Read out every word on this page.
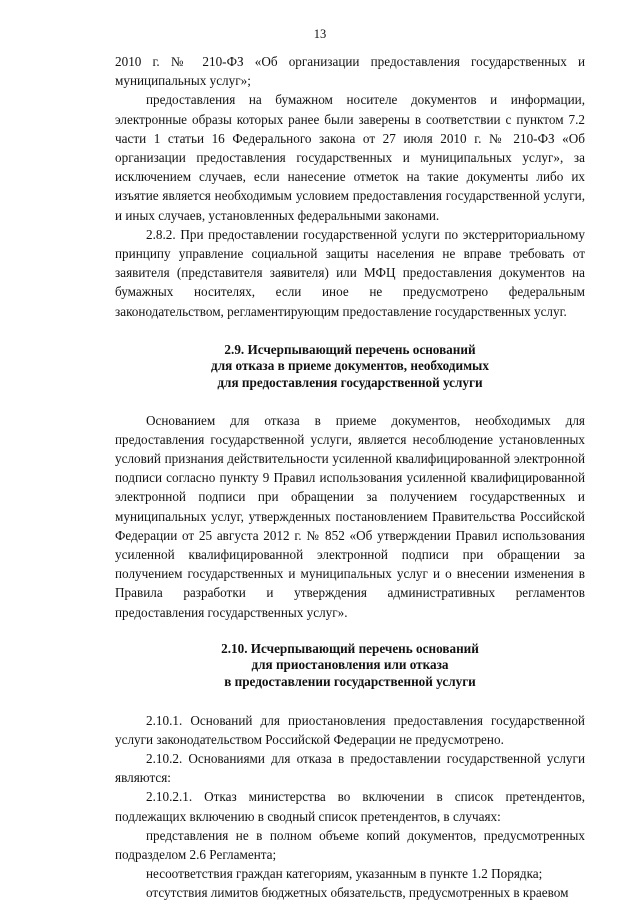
13

2010 г. № 210-ФЗ «Об организации предоставления государственных и муниципальных услуг»;

предоставления на бумажном носителе документов и информации, электронные образы которых ранее были заверены в соответствии с пунктом 7.2 части 1 статьи 16 Федерального закона от 27 июля 2010 г. № 210-ФЗ «Об организации предоставления государственных и муниципальных услуг», за исключением случаев, если нанесение отметок на такие документы либо их изъятие является необходимым условием предоставления государственной услуги, и иных случаев, установленных федеральными законами.

2.8.2. При предоставлении государственной услуги по экстерриториальному принципу управление социальной защиты населения не вправе требовать от заявителя (представителя заявителя) или МФЦ предоставления документов на бумажных носителях, если иное не предусмотрено федеральным законодательством, регламентирующим предоставление государственных услуг.

2.9. Исчерпывающий перечень оснований
для отказа в приеме документов, необходимых
для предоставления государственной услуги

Основанием для отказа в приеме документов, необходимых для предоставления государственной услуги, является несоблюдение установленных условий признания действительности усиленной квалифицированной электронной подписи согласно пункту 9 Правил использования усиленной квалифицированной электронной подписи при обращении за получением государственных и муниципальных услуг, утвержденных постановлением Правительства Российской Федерации от 25 августа 2012 г. № 852 «Об утверждении Правил использования усиленной квалифицированной электронной подписи при обращении за получением государственных и муниципальных услуг и о внесении изменения в Правила разработки и утверждения административных регламентов предоставления государственных услуг».

2.10. Исчерпывающий перечень оснований
для приостановления или отказа
в предоставлении государственной услуги

2.10.1. Оснований для приостановления предоставления государственной услуги законодательством Российской Федерации не предусмотрено.

2.10.2. Основаниями для отказа в предоставлении государственной услуги являются:

2.10.2.1. Отказ министерства во включении в список претендентов, подлежащих включению в сводный список претендентов, в случаях:

представления не в полном объеме копий документов, предусмотренных подразделом 2.6 Регламента;

несоответствия граждан категориям, указанным в пункте 1.2 Порядка;

отсутствия лимитов бюджетных обязательств, предусмотренных в краевом
